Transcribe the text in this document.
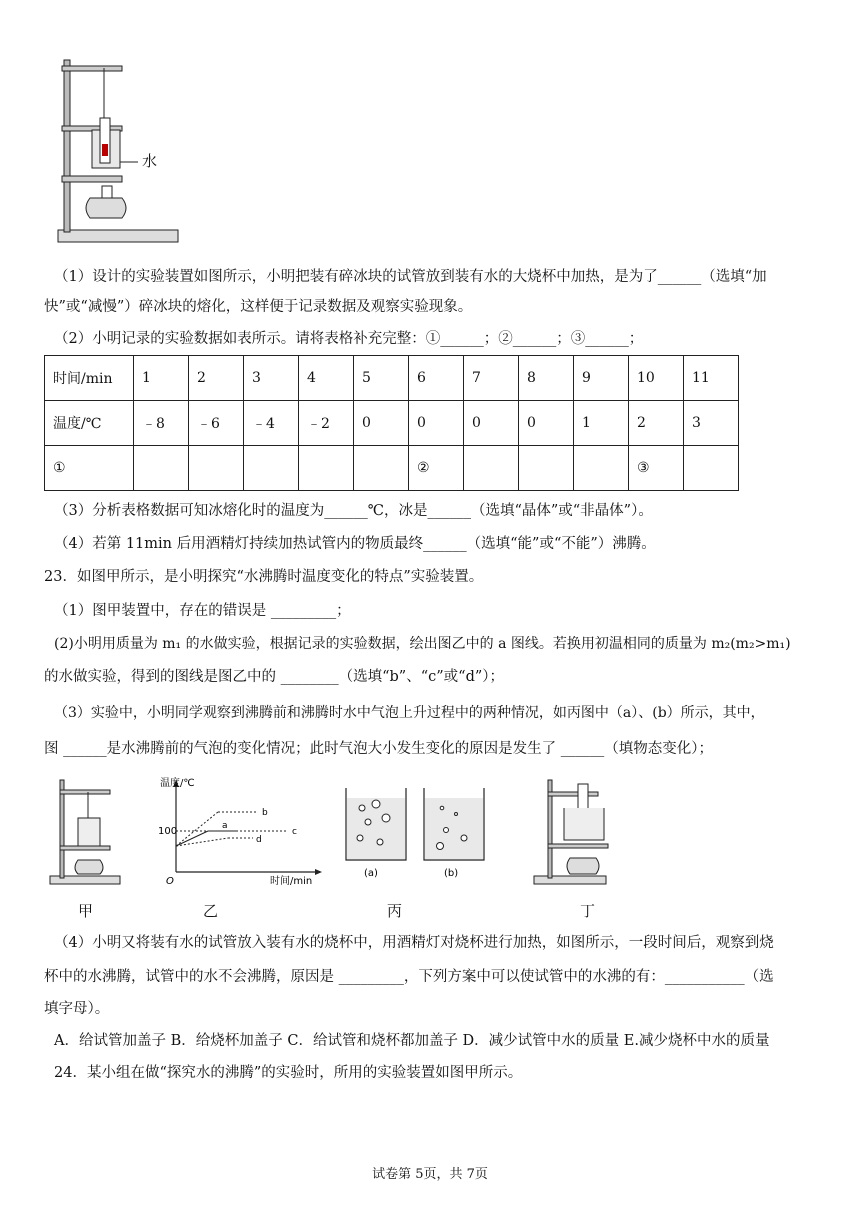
水
（1）设计的实验装置如图所示，小明把装有碎冰块的试管放到装有水的大烧杯中加热，是为了______（选填“加
快”或“减慢”）碎冰块的熔化，这样便于记录数据及观察实验现象。
（2）小明记录的实验数据如表所示。请将表格补充完整：①______；②______；③______；
时间/min	1	2	3	4	5	6	7	8	9	10	11
温度/℃	﹣8	﹣6	﹣4	﹣2	0	0	0	0	1	2	3
①						②				③	
（3）分析表格数据可知冰熔化时的温度为______℃，冰是______（选填“晶体”或“非晶体”）。
（4）若第 11min 后用酒精灯持续加热试管内的物质最终______（选填“能”或“不能”）沸腾。
23．如图甲所示，是小明探究“水沸腾时温度变化的特点”实验装置。
（1）图甲装置中，存在的错误是 _________；
(2)小明用质量为 m₁ 的水做实验，根据记录的实验数据，绘出图乙中的 a 图线。若换用初温相同的质量为 m₂(m₂>m₁)
的水做实验，得到的图线是图乙中的 ________（选填“b”、“c”或“d”）；
（3）实验中，小明同学观察到沸腾前和沸腾时水中气泡上升过程中的两种情况，如丙图中（a）、(b）所示，其中，
图 ______是水沸腾前的气泡的变化情况；此时气泡大小发生变化的原因是发生了 ______（填物态变化）；
温度/℃
100
O	时间/min
a
b
c
d
(a)	(b)
甲	乙	丙	丁
（4）小明又将装有水的试管放入装有水的烧杯中，用酒精灯对烧杯进行加热，如图所示，一段时间后，观察到烧
杯中的水沸腾，试管中的水不会沸腾，原因是 _________，下列方案中可以使试管中的水沸的有：___________（选
填字母）。
A．给试管加盖子 B．给烧杯加盖子 C．给试管和烧杯都加盖子 D．减少试管中水的质量 E.减少烧杯中水的质量
24．某小组在做“探究水的沸腾”的实验时，所用的实验装置如图甲所示。
试卷第 5页，共 7页
